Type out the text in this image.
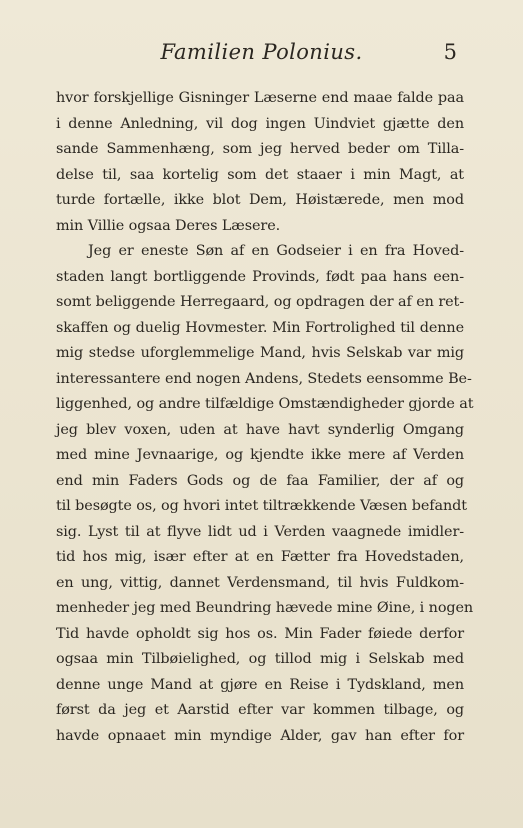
Familien Polonius.	5
hvor forskjellige Gisninger Læserne end maae falde paa
i denne Anledning, vil dog ingen Uindviet gjætte den
sande Sammenhæng, som jeg herved beder om Tilla-
delse til, saa kortelig som det staaer i min Magt, at
turde fortælle, ikke blot Dem, Høistærede, men mod
min Villie ogsaa Deres Læsere.
Jeg er eneste Søn af en Godseier i en fra Hoved-
staden langt bortliggende Provinds, født paa hans een-
somt beliggende Herregaard, og opdragen der af en ret-
skaffen og duelig Hovmester. Min Fortrolighed til denne
mig stedse uforglemmelige Mand, hvis Selskab var mig
interessantere end nogen Andens, Stedets eensomme Be-
liggenhed, og andre tilfældige Omstændigheder gjorde at
jeg blev voxen, uden at have havt synderlig Omgang
med mine Jevnaarige, og kjendte ikke mere af Verden
end min Faders Gods og de faa Familier, der af og
til besøgte os, og hvori intet tiltrækkende Væsen befandt
sig. Lyst til at flyve lidt ud i Verden vaagnede imidler-
tid hos mig, især efter at en Fætter fra Hovedstaden,
en ung, vittig, dannet Verdensmand, til hvis Fuldkom-
menheder jeg med Beundring hævede mine Øine, i nogen
Tid havde opholdt sig hos os. Min Fader føiede derfor
ogsaa min Tilbøielighed, og tillod mig i Selskab med
denne unge Mand at gjøre en Reise i Tydskland, men
først da jeg et Aarstid efter var kommen tilbage, og
havde opnaaet min myndige Alder, gav han efter for
